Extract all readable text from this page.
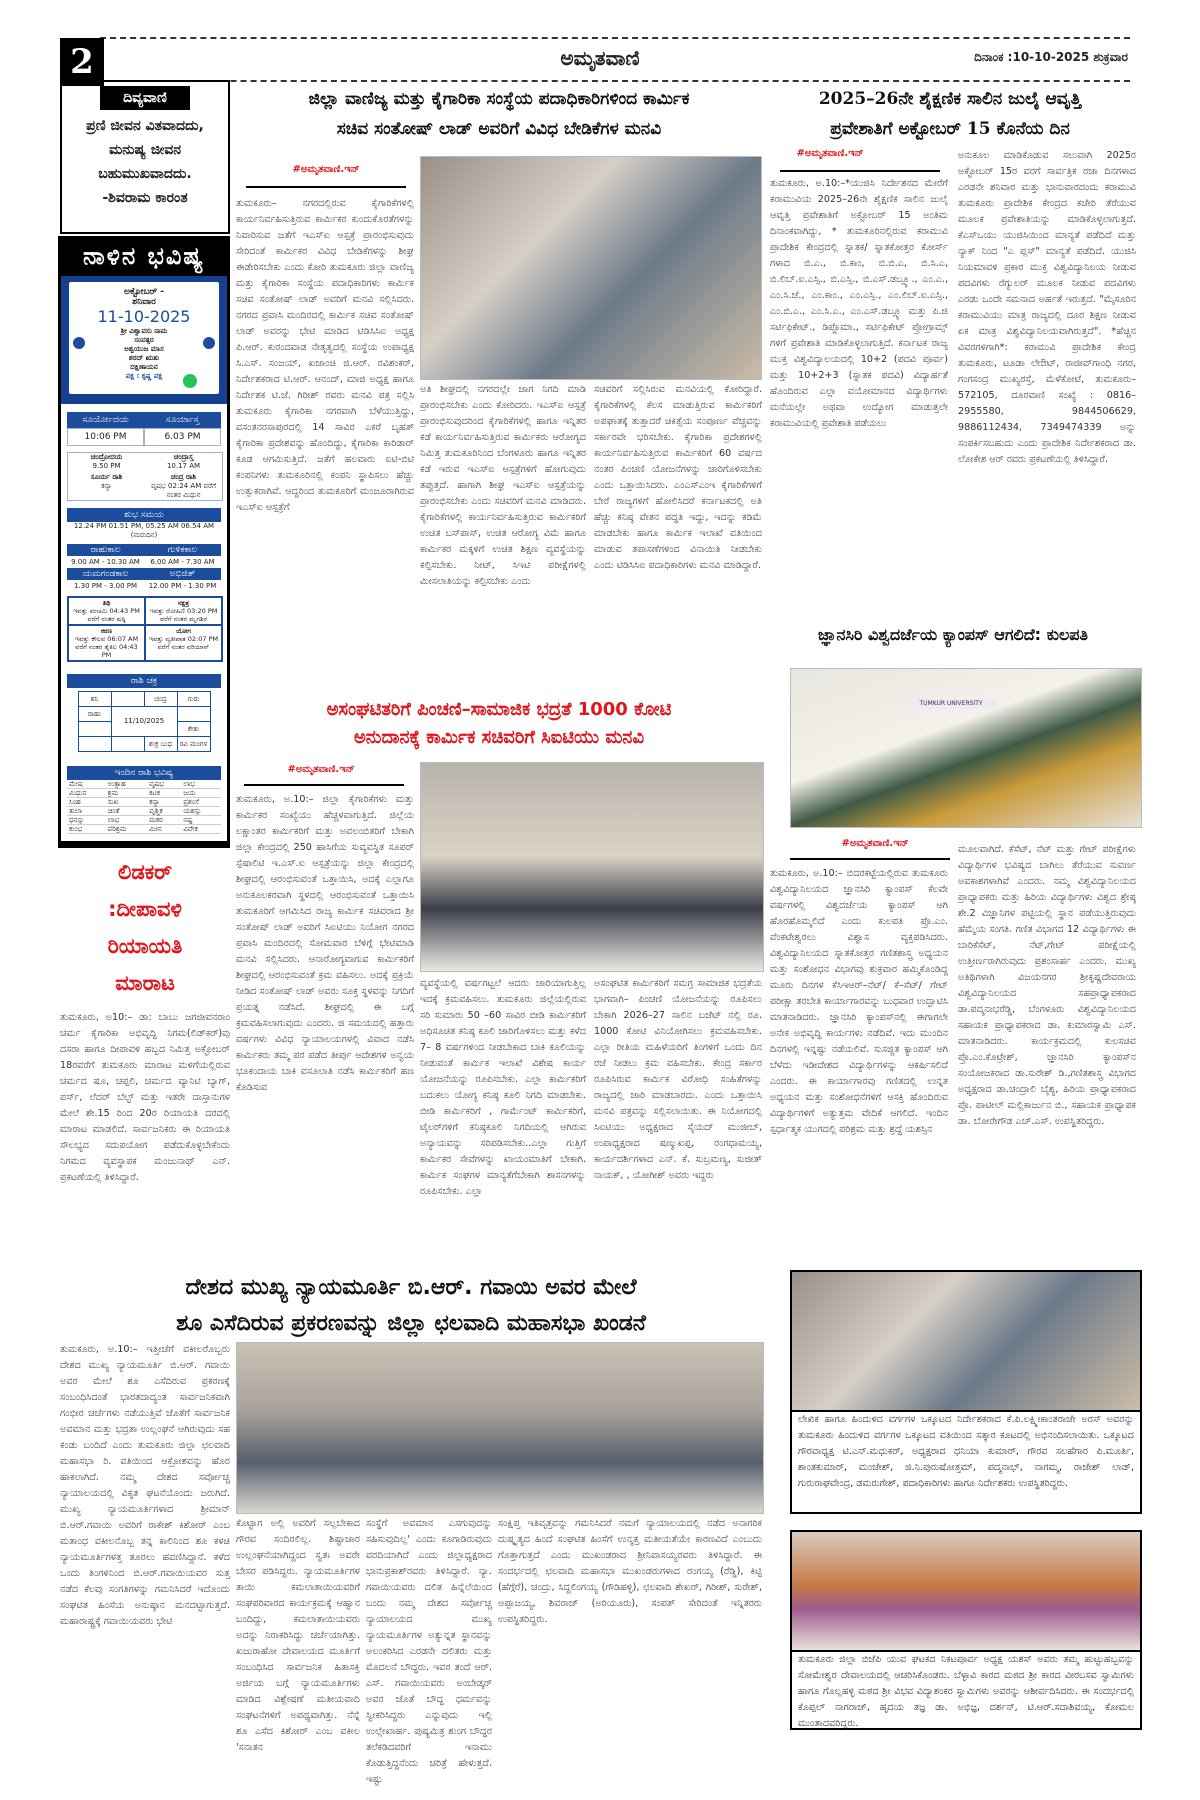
2	ಅಮೃತವಾಣಿ	ದಿನಾಂಕ :10-10-2025 ಶುಕ್ರವಾರ
ದಿವ್ಯವಾಣಿ
ಪ್ರಣಿ ಜೀವನ ವಿತವಾದದು,
ಮನುಷ್ಯ ಜೀವನ
ಬಹುಮುಖವಾದದು.
-ಶಿವರಾಮ ಕಾರಂತ
ನಾಳಿನ ಭವಿಷ್ಯ
ಅಕ್ಟೋಬರ್ -
ಶನಿವಾರ
11-10-2025
ಶ್ರೀ ವಿಶ್ವಾವಸು ನಾಮ
ಸಂವತ್ಸರ
ಅಶ್ವಯುಜ ಮಾಸ
ಶರದ್ ಋತು
ದಕ್ಷಿಣಾಯನ
ಪಕ್ಷ : ಕೃಷ್ಣ ಪಕ್ಷ
ಸೂರ್ಯೋದಯ	ಸೂರ್ಯಾಸ್ತ
10:06 PM	6.03 PM
ಚಂದ್ರೋದಯ
9.50 PM
ಚಂದ್ರಾಸ್ತ
10.17 AM
ಸೂರ್ಯ ರಾಶಿ
ಕನ್ಯಾ
ಚಂದ್ರ ರಾಶಿ
ವೃಷಭ 02:24 AM ವರೆಗೆ ನಂತರ ಮಿಥುನ
ಶುಭ ಸಮಯ
12.24 PM 01.51 PM, 05.25 AM 06.54 AM
(ಮರುದಿನ)
ರಾಹುಕಾಲ	ಗುಳಿಕಕಾಲ
9.00 AM - 10.30 AM	6.00 AM - 7.30 AM
ಯಮಗಂಡಕಾಲ	ಅಭಿಜಿತ್
1.30 PM - 3.00 PM	12.00 PM - 1.30 PM
ತಿಥಿ
ಇವತ್ತು ಪಂಚಮಿ 04:43 PM ವರೆಗೆ ನಂತರ ಷಷ್ಠಿ
ನಕ್ಷತ್ರ
ಇವತ್ತು ರೋಹಿಣಿ 03:20 PM ವರೆಗೆ ನಂತರ ಮೃಗಶಿರ
ಕರಣ
ಇವತ್ತು ಕೌಲವ 06:07 AM ವರೆಗೆ ನಂತರ ತೈತಿಲ 04:43 PM
ಯೋಗ
ಇವತ್ತು ವ್ಯತೀಪಾತ 02:07 PM ವರೆಗೆ ನಂತರ ವರಿಯಾನ್
ರಾಶಿ ಚಕ್ರ
ಶನಿ		ಚಂದ್ರ	ಗುರು
ರಾಹು	11/10/2025		
			ಕೇತು
		ಶುಕ್ರ ಬುಧ	ರವಿ ಮಂಗಳ
ಇಂದಿನ ರಾಶಿ ಭವಿಷ್ಯ
ಮೇಷ	ಉತ್ಸಾಹ	ವೃಷಭ	ಲಾಭ
ಮಿಥುನ	ಶ್ರಮ	ಕಟಕ	ಜಯ
ಸಿಂಹ	ಸುಖ	ಕನ್ಯಾ	ಪ್ರಶಂಸೆ
ತುಲಾ	ಚಿಂತೆ	ವೃಶ್ಚಿಕ	ಯಶಸ್ಸು
ಧನಸ್ಸು	ಲಾಭ	ಮಕರ	ನಷ್ಟ
ಕುಂಭ	ಪರಿಶ್ರಮ	ಮೀನ	ವಿವೇಕ
ಲಿಡಕರ್
:ದೀಪಾವಳಿ
ರಿಯಾಯತಿ
ಮಾರಾಟ
ತುಮಕೂರು, ಅ10:– ಡಾ: ಬಾಬು ಜಗಜೀವನರಾಂ ಚರ್ಮ ಕೈಗಾರಿಕಾ ಅಭಿವೃದ್ಧಿ ನಿಗಮ(ಲಿಡ್‌ಕರ್)ವು ದಸರಾ ಹಾಗೂ ದೀಪಾವಳಿ ಹಬ್ಬದ ನಿಮಿತ್ತ ಅಕ್ಟೋಬರ್ 18ರವರೆಗೆ ತುಮಕೂರು ಮಾರಾಟ ಮಳಿಗೆಯಲ್ಲಿರುವ ಚರ್ಮದ ಷೂ, ಚಪ್ಪಲಿ, ಚರ್ಮದ ವ್ಯಾನಿಟಿ ಬ್ಯಾಗ್, ಪರ್ಸ್, ಲೆದರ್ ಬೆಲ್ಟ್ ಮತ್ತು ಇತರೇ ದಾಸ್ತಾನುಗಳ ಮೇಲೆ ಶೇ.15 ರಿಂದ 20ರ ರಿಯಾಯತಿ ದರದಲ್ಲಿ ಮಾರಾಟ ಮಾಡಲಿದೆ. ಸಾರ್ವಜನಿಕರು ಈ ರಿಯಾಯತಿ ಸೌಲಭ್ಯದ ಸದುಪಯೋಗ ಪಡೆದುಕೊಳ್ಳಬೇಕೆಂದು ನಿಗಮದ ವ್ಯವಸ್ಥಾಪಕ ಮಂಜುನಾಥ್ ಎನ್. ಪ್ರಕಟಣೆಯಲ್ಲಿ ತಿಳಿಸಿದ್ದಾರೆ.
ಜಿಲ್ಲಾ ವಾಣಿಜ್ಯ ಮತ್ತು ಕೈಗಾರಿಕಾ ಸಂಸ್ಥೆಯ ಪದಾಧಿಕಾರಿಗಳಿಂದ ಕಾರ್ಮಿಕ
ಸಚಿವ ಸಂತೋಷ್ ಲಾಡ್ ಅವರಿಗೆ ವಿವಿಧ ಬೇಡಿಕೆಗಳ ಮನವಿ
#ಅಮೃತವಾಣಿ.ಇನ್
ತುಮಕೂರು– ನಗರದಲ್ಲಿರುವ ಕೈಗಾರಿಕೆಗಳಲ್ಲಿ ಕಾರ್ಯನಿರ್ವಹಿಸುತ್ತಿರುವ ಕಾರ್ಮಿಕರ ಕುಂದುಕೊರತೆಗಳನ್ನು ನಿವಾರಿಸುವ ಜತೆಗೆ ಇಎಸ್‌ಐ ಆಸ್ಪತ್ರೆ ಪ್ರಾರಂಭಿಸುವುದು ಸೇರಿದಂತೆ ಕಾರ್ಮಿಕರ ವಿವಿಧ ಬೇಡಿಕೆಗಳನ್ನು ಶೀಘ್ರ ಈಡೇರಿಸಬೇಕು ಎಂದು ಕೋರಿ ತುಮಕೂರು ಜಿಲ್ಲಾ ವಾಣಿಜ್ಯ ಮತ್ತು ಕೈಗಾರಿಕಾ ಸಂಸ್ಥೆಯ ಪದಾಧಿಕಾರಿಗಳು ಕಾರ್ಮಿಕ ಸಚಿವ ಸಂತೋಷ್ ಲಾಡ್ ಅವರಿಗೆ ಮನವಿ ಸಲ್ಲಿಸಿದರು. ನಗರದ ಪ್ರವಾಸಿ ಮಂದಿರದಲ್ಲಿ ಕಾರ್ಮಿಕ ಸಚಿವ ಸಂತೋಷ್ ಲಾಡ್ ಅವರನ್ನು ಭೇಟಿ ಮಾಡಿದ ಟಿಡಿಸಿಸಿಐ ಅಧ್ಯಕ್ಷ ಪಿ.ಆರ್. ಕುರಂದವಾಡ ನೇತೃತ್ವದಲ್ಲಿ ಸಂಸ್ಥೆಯ ಉಪಾಧ್ಯಕ್ಷ ಸಿ.ಎಸ್. ಸಂಜಯ್, ಖಜಾಂಚಿ ಜಿ.ಆರ್. ರವಿಶಂಕರ್, ನಿರ್ದೇಶಕರಾದ ಟಿ.ಆರ್. ಆನಂದ್, ಮಾಜಿ ಅಧ್ಯಕ್ಷ ಹಾಗೂ ನಿರ್ದೇಶಕ ಟಿ.ಜೆ. ಗಿರೀಶ್ ರವರು ಮನವಿ ಪತ್ರ ಸಲ್ಲಿಸಿ ತುಮಕೂರು ಕೈಗಾರಿಕಾ ನಗರವಾಗಿ ಬೆಳೆಯುತ್ತಿದ್ದು, ವಸಂತನರಸಾಪುರದಲ್ಲಿ 14 ಸಾವಿರ ಎಕರೆ ಬೃಹತ್ ಕೈಗಾರಿಕಾ ಪ್ರದೇಶವನ್ನು ಹೊಂದಿದ್ದು, ಕೈಗಾರಿಕಾ ಕಾರಿಡಾರ್ ಕೂಡ ಆಗಮಿಸುತ್ತಿದೆ. ಜತೆಗೆ ಹಲವಾರು ಐಟಿ-ಬಿಟಿ ಕಂಪನಿಗಳು ತುಮಕೂರಿನಲ್ಲಿ ಕಂಪನಿ ಸ್ಥಾಪಿಸಲು ಹೆಚ್ಚು ಉತ್ಸುಕರಾಗಿವೆ. ಆದ್ದರಿಂದ ತುಮಕೂರಿಗೆ ಮಂಜೂರಾಗಿರುವ ಇಎಸ್‌ಐ ಆಸ್ಪತ್ರೆಗೆ
ಅತಿ ಶೀಘ್ರದಲ್ಲಿ ನಗರದಲ್ಲೇ ಜಾಗ ನಿಗದಿ ಮಾಡಿ ಪ್ರಾರಂಭಿಸಬೇಕು ಎಂದು ಕೋರಿದರು. ಇಎಸ್‌ಐ ಆಸ್ಪತ್ರೆ ಪ್ರಾರಂಭಿಸುವುದರಿಂದ ಕೈಗಾರಿಕೆಗಳಲ್ಲಿ ಹಾಗೂ ಇನ್ನಿತರ ಕಡೆ ಕಾರ್ಯನಿರ್ವಹಿಸುತ್ತಿರುವ ಕಾರ್ಮಿಕರು ಆರೋಗ್ಯದ ನಿಮಿತ್ತ ತುಮಕೂರಿನಿಂದ ಬೆಂಗಳೂರು ಹಾಗೂ ಇನ್ನಿತರ ಕಡೆ ಇರುವ ಇಎಸ್‌ಐ ಆಸ್ಪತ್ರೆಗಳಿಗೆ ಹೋಗುವುದು ತಪ್ಪುತ್ತದೆ. ಹಾಗಾಗಿ ಶೀಘ್ರ ಇಎಸ್‌ಐ ಆಸ್ಪತ್ರೆಯನ್ನು ಪ್ರಾರಂಭಿಸಬೇಕು ಎಂದು ಸಚಿವರಿಗೆ ಮನವಿ ಮಾಡಿದರು. ಕೈಗಾರಿಕೆಗಳಲ್ಲಿ ಕಾರ್ಯನಿರ್ವಹಿಸುತ್ತಿರುವ ಕಾರ್ಮಿಕರಿಗೆ ಉಚಿತ ಬಸ್‌ಪಾಸ್, ಉಚಿತ ಆರೋಗ್ಯ ವಿಮೆ ಹಾಗೂ ಕಾರ್ಮಿಕರ ಮಕ್ಕಳಿಗೆ ಉಚಿತ ಶಿಕ್ಷಣ ವ್ಯವಸ್ಥೆಯನ್ನು ಕಲ್ಪಿಸಬೇಕು. ನೀಟ್, ಸಿಇಟಿ ಪರೀಕ್ಷೆಗಳಲ್ಲಿ ಮೀಸಲಾತಿಯನ್ನು ಕಲ್ಪಿಸಬೇಕು ಎಂದು
ಸಚಿವರಿಗೆ ಸಲ್ಲಿಸಿರುವ ಮನವಿಯಲ್ಲಿ ಕೋರಿದ್ದಾರೆ. ಕೈಗಾರಿಕೆಗಳಲ್ಲಿ ಕೆಲಸ ಮಾಡುತ್ತಿರುವ ಕಾರ್ಮಿಕರಿಗೆ ಅಪಘಾತಕ್ಕೆ ತುತ್ತಾದರೆ ಚಿಕಿತ್ಸೆಯ ಸಂಪೂರ್ಣ ವೆಚ್ಚವನ್ನು ಸರ್ಕಾರವೇ ಭರಿಸಬೇಕು. ಕೈಗಾರಿಕಾ ಪ್ರದೇಶಗಳಲ್ಲಿ ಕಾರ್ಯನಿರ್ವಹಿಸುತ್ತಿರುವ ಕಾರ್ಮಿಕರಿಗೆ 60 ವರ್ಷದ ನಂತರ ಪಿಂಚಣಿ ಯೋಜನೆಗಳನ್ನು ಜಾರಿಗೊಳಿಸಬೇಕು ಎಂದು ಒತ್ತಾಯಿಸಿದರು. ಎಂಎಸ್‌ಎಂಇ ಕೈಗಾರಿಕೆಗಳಿಗೆ ಬೇರೆ ರಾಜ್ಯಗಳಿಗೆ ಹೋಲಿಸಿದರೆ ಕರ್ನಾಟಕದಲ್ಲಿ ಅತಿ ಹೆಚ್ಚು ಕನಿಷ್ಠ ವೇತನ ಪದ್ಧತಿ ಇದ್ದು, ಇದನ್ನು ಕಡಿಮೆ ಮಾಡಬೇಕು ಹಾಗೂ ಕಾರ್ಮಿಕ ಇಲಾಖೆ ವತಿಯಿಂದ ಮಾಡುವ ತಪಾಸಣೆಗಳಿಂದ ವಿನಾಯಿತಿ ನೀಡಬೇಕು ಎಂದು ಟಿಡಿಸಿಸಿಐ ಪದಾಧಿಕಾರಿಗಳು ಮನವಿ ಮಾಡಿದ್ದಾರೆ.
ಅಸಂಘಟಿತರಿಗೆ ಪಿಂಚಣಿ–ಸಾಮಾಜಿಕ ಭದ್ರತೆ 1000 ಕೋಟಿ
ಅನುದಾನಕ್ಕೆ ಕಾರ್ಮಿಕ ಸಚಿವರಿಗೆ ಸಿಐಟಿಯು ಮನವಿ
#ಅಮೃತವಾಣಿ.ಇನ್
ತುಮಕೂರು, ಅ.10:– ಜಿಲ್ಲಾ ಕೈಗಾರಿಕೆಗಳು ಮತ್ತು ಕಾರ್ಮಿಕರ ಸಂಖ್ಯೆಯು ಹೆಚ್ಚಳವಾಗುತ್ತಿದೆ. ಜಿಲ್ಲೆಯ ಲಕ್ಷಾಂತರ ಕಾರ್ಮಿಕರಿಗೆ ಮತ್ತು ಅವಲಂಬಿತರಿಗೆ ಬೇಕಾಗಿ ಜಿಲ್ಲಾ ಕೇಂದ್ರದಲ್ಲಿ 250 ಹಾಸಿಗೆಯ ಸುವ್ಯವಸ್ಥಿತ ಸೂಪರ್ ಸ್ಪೆಷಾಲಿಟಿ ಇ.ಎಸ್.ಐ ಆಸ್ಪತ್ರೆಯನ್ನು ಜಿಲ್ಲಾ ಕೇಂದ್ರದಲ್ಲಿ ಶೀಘ್ರದಲ್ಲಿ ಆರಂಭಿಸುವಂತೆ ಒತ್ತಾಯಿಸಿ, ಅದಕ್ಕೆ ಎಲ್ಲಾಗೂ ಅನುಕೂಲಕರವಾಗಿ ಸ್ಥಳದಲ್ಲಿ ಆರಂಭಿಸುವಂತೆ ಒತ್ತಾಯಿಸಿ ತುಮಕೂರಿಗೆ ಆಗಮಿಸಿದ ರಾಜ್ಯ ಕಾರ್ಮಿಕ ಸಚಿವರಾದ ಶ್ರೀ ಸಂತೋಷ್ ಲಾಡ್ ಅವರಿಗೆ ಸಿಐಟಿಯು ನಿಯೋಗ ನಗರದ ಪ್ರವಾಸಿ ಮಂದಿರದಲ್ಲಿ ಸೋಮವಾರ ಬೆಳಿಗ್ಗೆ ಭೇಟಿಮಾಡಿ ಮನವಿ ಸಲ್ಲಿಸಿದರು. ಆನಾರೋಗ್ಯವಾಗುವ ಕಾರ್ಮಿಕರಿಗೆ ಶೀಘ್ರದಲ್ಲಿ ಆರಂಭಿಸುವಂತೆ ಕ್ರಮ ವಹಿಸಲು. ಅದಕ್ಕೆ ಪ್ರಕ್ರಿಯೆ ನೀಡಿದ ಸಂತೋಷ್ ಲಾಡ್ ಅವರು ಸೂಕ್ತ ಸ್ಥಳವನ್ನು ನಿಗದಿಗೆ ಪ್ರಯತ್ನ ನಡೆಸಿದೆ. ಶೀಘ್ರದಲ್ಲಿ ಈ ಬಗ್ಗೆ ಕ್ರಮವಹಿಸಲಾಗುವುದು ಎಂದರು. ಜಿ ಸಮಯದಲ್ಲಿ ಹತ್ತಾರು ವರ್ಷಗಳು ವಿವಿಧ ನ್ಯಾಯಾಲಯಗಳಲ್ಲಿ ವಿವಾದ ನಡೆಸಿ ಕಾರ್ಮಿಕರು ತಮ್ಮ ಪರ ಪಡೆದ ತೀರ್ಪು ಆದೇಶಗಳ ಅನ್ವಯ ಭೂಕಂದಾಯ ಬಾಕಿ ವಸೂಲಾತಿ ನಡೆಸಿ ಕಾರ್ಮಿಕರಿಗೆ ಹಣ ಕೊಡಿಸುವ
ವ್ಯವಸ್ಥೆಯಲ್ಲಿ ವರ್ಷಗಟ್ಟಲೆ ಆದರು ಜಾರಿಯಾಗುತ್ತಿಲ್ಲ ಇದಕ್ಕೆ ಕ್ರಮವಹಿಸಲು. ತುಮಕೂರು ಜಿಲ್ಲೆಯಲ್ಲಿರುವ ಸರಿ ಸುಮಾರು 50 –60 ಸಾವಿರ ಬೀಡಿ ಕಾರ್ಮಿಕರಿಗೆ ಅಧಿಸೂಚಿತ ಕನಿಷ್ಠ ಕೂಲಿ ಜಾರಿಗೊಳಿಸಲು ಮತ್ತು ಕಳೆದ 7– 8 ವರ್ಷಗಳಿಂದ ನೀಡಬೇಕಾದ ಬಾಕಿ ಕೂಲಿಯನ್ನು ನೀಡುವಂತೆ ಕಾರ್ಮಿಕ ಇಲಾಖೆ ವಿಶೇಷ ಕಾರ್ಯ ಯೋಜನೆಯನ್ನು ರೂಪಿಸಬೇಕು. ಎಲ್ಲಾ ಕಾರ್ಮಿಕರಿಗೆ ಬದುಕಲು ಯೋಗ್ಯ ಕನಿಷ್ಠ ಕೂಲಿ ನಿಗದಿ ಮಾಡಬೇಕು. ಬೀಡಿ ಕಾರ್ಮಿಕರಿಗೆ , ಗಾರ್ಮೆಂಟ್ ಕಾರ್ಮಿಕರಿಗೆ, ಟೈಲರ್‌ಗಳಿಗೆ ಕನಿಷ್ಠಕೂಲಿ ನಿಗದಿಯಲ್ಲಿ ಆಗಿರುವ ಅನ್ಯಾಯವನ್ನು ಸರಿಪಡಿಸಬೇಕು..ಎಲ್ಲಾ ಗುತ್ತಿಗೆ ಕಾರ್ಮಿಕರ ಸೇವೆಗಳನ್ನು ಖಾಯಂಮಾತಿಗೆ ಬೇಕಾಗಿ. ಕಾರ್ಮಿಕ ಸಂಘಗಳ ಮಾನ್ಯತೆಗೆಬೇಕಾಗಿ ಶಾಸನಗಳನ್ನು ರೂಪಿಸಬೇಕು. ಎಲ್ಲಾ
ಅಸಂಘಟಿತ ಕಾರ್ಮಿಕರಿಗೆ ಸಮಗ್ರ ಸಾಮಾಜಿಕ ಭದ್ರತೆಯ ಭಾಗವಾಗಿ– ಪಿಂಚಣಿ ಯೋಜನೆಯನ್ನು ರೂಪಿಸಲು ಬೇಕಾಗಿ 2026–27 ಸಾಲಿನ ಬಜೆಟ್ ನಲ್ಲಿ ರೂ. 1000 ಕೋಟಿ ವಿನಿಯೋಗಿಸಲು ಕ್ರಮವಹಿಸಬೇಕು. ಎಲ್ಲಾ ರೀತಿಯ ಮಹಿಳೆಯರಿಗೆ ತಿಂಗಳಿಗೆ ಒಂದು ದಿನ ರಜೆ ನೀಡಲು ಕ್ರಮ ವಹಿಸಬೇಕು. ಕೇಂದ್ರ ಸರ್ಕಾರ ರೂಪಿಸಿರುವ ಕಾರ್ಮಿಕ ವಿರೋಧಿ ಸಂಹಿತೆಗಳನ್ನು ರಾಜ್ಯದಲ್ಲಿ ಜಾರಿ ಮಾಡಬಾರದು. ಎಂದು ಒತ್ತಾಯಿಸಿ ಮನವಿ ಪತ್ರವನ್ನು ಸಲ್ಲಿಸಲಾಯಿತು. ಈ ನಿಯೋಗದಲ್ಲಿ ಸಿಐಟಿಯು ಅಧ್ಯಕ್ಷರಾದ ಸೈಯದ್ ಮುಜೀಬ್, ಉಪಾಧ್ಯಕ್ಷರಾದ ಷಣ್ಮುಖಪ್ಪ, ರಂಗಧಾಮಯ್ಯ, ಕಾರ್ಯದರ್ಶಿಗಳಾದ ಎನ್. ಕೆ. ಸುಬ್ರಮಣ್ಯ, ಸುಜೀತ್ ನಾಯಕ್, , ಯೋಗೀಶ್ ಅವರು ಇದ್ದರು
2025–26ನೇ ಶೈಕ್ಷಣಿಕ ಸಾಲಿನ ಜುಲೈ ಆವೃತ್ತಿ
ಪ್ರವೇಶಾತಿಗೆ ಅಕ್ಟೋಬರ್ 15 ಕೊನೆಯ ದಿನ
#ಅಮೃತವಾಣಿ.ಇನ್
ತುಮಕೂರು, ಅ.10:–*ಯುಜಿಸಿ ನಿರ್ದೇಶನದ ಮೇರೆಗೆ ಕರಾಮುವಿಯ 2025–26ನೇ ಶೈಕ್ಷಣಿಕ ಸಾಲಿನ ಜುಲೈ ಆವೃತ್ತಿ ಪ್ರವೇಶಾತಿಗೆ ಅಕ್ಟೋಬರ್ 15 ಅಂತಿಮ ದಿನಾಂಕವಾಗಿದ್ದು, * ತುಮಕೂರಿನಲ್ಲಿರುವ ಕರಾಮುವಿ ಪ್ರಾದೇಶಿಕ ಕೇಂದ್ರದಲ್ಲಿ ಸ್ನಾತಕ/ ಸ್ನಾತಕೋತ್ತರ ಕೋರ್ಸ್ ಗಳಾದ ಬಿ.ಎ., ಬಿ.ಕಾಂ, ಬಿ.ಬಿ.ಎ, ಬಿ.ಸಿ.ಎ, ಬಿ.ಲಿಬ್.ಐ.ಎಸ್ಸಿ., ಬಿ.ಎಸ್ಸಿ., ಬಿ.ಎಸ್.ಡಬ್ಲ್ಯೂ., ಎಂ.ಎ., ಎಂ.ಸಿ.ಜೆ., ಎಂ.ಕಾಂ., ಎಂ.ಎಸ್ಸಿ., ಎಂ.ಲಿಬ್.ಐ.ಎಸ್ಸಿ., ಎಂ.ಬಿ.ಎ., ಎಂ.ಸಿ.ಎ., ಎಂ.ಎಸ್.ಡಬ್ಲ್ಯೂ ಮತ್ತು ಪಿ.ಜಿ ಸರ್ಟಿಫಿಕೇಟ್., ಡಿಪ್ಲೊಮಾ., ಸರ್ಟಿಫಿಕೇಟ್ ಪ್ರೋಗ್ರಾಮ್ಸ್ ಗಳಿಗೆ ಪ್ರವೇಶಾತಿ ಮಾಡಿಕೊಳ್ಳಲಾಗುತ್ತಿದೆ. ಕರ್ನಾಟಕ ರಾಜ್ಯ ಮುಕ್ತ ವಿಶ್ವವಿದ್ಯಾಲಯದಲ್ಲಿ 10+2 (ಪದವಿ ಪೂರ್ವ) ಮತ್ತು 10+2+3 (ಸ್ನಾತಕ ಪದವಿ) ವಿದ್ಯಾರ್ಹತೆ ಹೊಂದಿರುವ ಎಲ್ಲಾ ವಯೋಮಾನದ ವಿದ್ಯಾರ್ಥಿಗಳು ಮನೆಯಲ್ಲೇ ಅಥವಾ ಉದ್ಯೋಗ ಮಾಡುತ್ತಲೇ ಕರಾಮುವಿಯಲ್ಲಿ ಪ್ರವೇಶಾತಿ ಪಡೆಯಲು
ಅನುಕೂಲ ಮಾಡಿಕೊಡುವ ಸಲುವಾಗಿ 2025ರ ಅಕ್ಟೋಬರ್ 15ರ ವರಗೆ ಸಾರ್ವತ್ರಿಕ ರಜಾ ದಿನಗಳಾದ ಎರಡನೇ ಶನಿವಾರ ಮತ್ತು ಭಾನುವಾರದಂದು ಕರಾಮುವಿ ತುಮಕೂರು ಪ್ರಾದೇಶಿಕ ಕೇಂದ್ರದ ಕಚೇರಿ ತೆರೆಯುವ ಮೂಲಕ ಪ್ರವೇಶಾತಿಯನ್ನು ಮಾಡಿಕೊಳ್ಳಲಾಗುತ್ತದೆ. ಕೆಎಸ್‌ಒಯು ಯುಜಿಸಿಯಿಂದ ಮಾನ್ಯತೆ ಪಡೆದಿದೆ ಮತ್ತು ನ್ಯಾಕ್ ನಿಂದ "ಎ ಪ್ಲಸ್" ಮಾನ್ಯತೆ ಪಡೆದಿದೆ. ಯುಜಿಸಿ ನಿಯಮಾವಳಿ ಪ್ರಕಾರ ಮುಕ್ತ ವಿಶ್ವವಿದ್ಯಾನಿಲಯ ನೀಡುವ ಪದವಿಗಳು ರೆಗ್ಯುಲರ್ ಮೂಲಕ ನೀಡುವ ಪದವಿಗಳು ಎರಡು ಒಂದೇ ಸಮನಾದ ಅರ್ಹತೆ ಇರುತ್ತದೆ. "ಮೈಸೂರಿನ ಕರಾಮುವಿಯು ಮಾತ್ರ ರಾಜ್ಯದಲ್ಲಿ ದೂರ ಶಿಕ್ಷಣ ನೀಡುವ ಏಕ ಮಾತ್ರ ವಿಶ್ವವಿದ್ಯಾನಿಲಯವಾಗಿರುತ್ತದೆ". *ಹೆಚ್ಚಿನ ವಿವರಗಳಿಗಾಗಿ*: ಕರಾಮುವಿ ಪ್ರಾದೇಶಿಕ ಕೇಂದ್ರ ತುಮಕೂರು, ಟೂಡಾ ಲೇಔಟ್, ರಾಜೀವ್‌ಗಾಂಧಿ ನಗರ, ಗಂಗಸಂದ್ರ ಮುಖ್ಯರಸ್ತೆ, ಮೆಳೆಕೋಟೆ, ತುಮಕೂರು–572105, ದೂರವಾಣಿ ಸಂಖ್ಯೆ : 0816–2955580, 9844506629, 9886112434, 7349474339 ಅನ್ನು ಸಂಪರ್ಕಿಸಬಹುದು ಎಂದು ಪ್ರಾದೇಶಿಕ ನಿರ್ದೇಶಕರಾದ ಡಾ. ಲೋಕೇಶ ಆರ್ ರವರು ಪ್ರಕಟಣೆಯಲ್ಲಿ ತಿಳಿಸಿದ್ದಾರೆ.
ಜ್ಞಾನಸಿರಿ ವಿಶ್ವದರ್ಜೆಯ ಕ್ಯಾಂಪಸ್ ಆಗಲಿದೆ: ಕುಲಪತಿ
TUMKUR UNIVERSITY
#ಅಮೃತವಾಣಿ.ಇನ್
ತುಮಕೂರು, ಅ.10:– ಬಿದರಕಟ್ಟೆಯಲ್ಲಿರುವ ತುಮಕೂರು ವಿಶ್ವವಿದ್ಯಾನಿಲಯದ ಜ್ಞಾನಸಿರಿ ಕ್ಯಾಂಪಸ್ ಕೆಲವೇ ವರ್ಷಗಳಲ್ಲಿ ವಿಶ್ವದರ್ಜೆಯ ಕ್ಯಾಂಪಸ್ ಆಗಿ ಹೊರಹೊಮ್ಮಲಿದೆ ಎಂದು ಕುಲಪತಿ ಪ್ರೊ.ಎಂ. ವೆಂಕಟೇಶ್ವರಲು ವಿಶ್ವಾಸ ವ್ಯಕ್ತಪಡಿಸಿದರು. ವಿಶ್ವವಿದ್ಯಾನಿಲಯದ ಸ್ನಾತಕೋತ್ತರ ಗಣಿತಶಾಸ್ತ್ರ ಅಧ್ಯಯನ ಮತ್ತು ಸಂಶೋಧನ ವಿಭಾಗವು ಶುಕ್ರವಾರ ಹಮ್ಮಿಕೊಂಡಿದ್ದ ಮೂರು ದಿನಗಳ ಕೆಸಿಇಆರ್–ನೆಟ್/ ಕೆ–ಸೆಟ್/ ಗೇಟ್ ಪರೀಕ್ಷಾ ತರಬೇತಿ ಕಾರ್ಯಾಗಾರವನ್ನು ಬುಧವಾರ ಉದ್ಘಾಟಿಸಿ ಮಾತನಾಡಿದರು. ಜ್ಞಾನಸಿರಿ ಕ್ಯಾಂಪಸ್‌ನಲ್ಲಿ ಈಗಾಗಲೇ ಅನೇಕ ಅಭಿವೃದ್ಧಿ ಕಾರ್ಯಗಳು ನಡೆದಿವೆ. ಇದು ಮುಂದಿನ ದಿನಗಳಲ್ಲಿ ಇನ್ನಷ್ಟು ನಡೆಯಲಿವೆ. ಸುಸಜ್ಜಿತ ಕ್ಯಾಂಪಸ್ ಆಗಿ ಬೆಳೆದು ಇಡೀದೇಶದ ವಿದ್ಯಾರ್ಥಿಗಳನ್ನು ಆಕರ್ಷಿಸಲಿದೆ ಎಂದರು. ಈ ಕಾರ್ಯಾಗಾರವು ಗಣಿತದಲ್ಲಿ ಉನ್ನತ ಅಧ್ಯಯನ ಮತ್ತು ಸಂಶೋಧನೆಗಳಿಗೆ ಆಸಕ್ತಿ ಹೊಂದಿರುವ ವಿದ್ಯಾರ್ಥಿಗಳಿಗೆ ಅತ್ಯುತ್ತಮ ವೇದಿಕೆ ಆಗಲಿದೆ. ಇಂದಿನ ಸ್ಪರ್ಧಾತ್ಮಕ ಯುಗದಲ್ಲಿ ಪರಿಶ್ರಮ ಮತ್ತು ಶ್ರದ್ಧೆ ಯಶಸ್ಸಿನ
ಮೂಲವಾಗಿದೆ. ಕೆಸೆಟ್, ನೆಟ್ ಮತ್ತು ಗೇಟ್ ಪರೀಕ್ಷೆಗಳು ವಿದ್ಯಾರ್ಥಿಗಳ ಭವಿಷ್ಯದ ಬಾಗಿಲು ತೆರೆಯುವ ಸುವರ್ಣ ಅವಕಾಶಗಳಾಗಿವೆ ಎಂದರು. ನಮ್ಮ ವಿಶ್ವವಿದ್ಯಾನಿಲಯದ ಪ್ರಾಧ್ಯಾಪಕರು ಮತ್ತು ಹಿರಿಯ ವಿದ್ಯಾರ್ಥಿಗಳು ವಿಶ್ವದ ಶ್ರೇಷ್ಠ ಶೇ.2 ವಿಜ್ಞಾನಿಗಳ ಪಟ್ಟಿಯಲ್ಲಿ ಸ್ಥಾನ ಪಡೆಯುತ್ತಿರುವುದು ಹೆಮ್ಮೆಯ ಸಂಗತಿ. ಗಣಿತ ವಿಭಾಗದ 12 ವಿದ್ಯಾರ್ಥಿಗಳು ಈ ಬಾರಿಕೆಸೆಟ್, ನೆಟ್,ಗೇಟ್ ಪರೀಕ್ಷೆಯಲ್ಲಿ ಉತ್ತೀರ್ಣರಾಗಿರುವುದು ಪ್ರಶಂಸಾರ್ಹ ಎಂದರು. ಮುಖ್ಯ ಅತಿಥಿಗಳಾಗಿ ವಿಜಯನಗರ ಶ್ರೀಕೃಷ್ಣದೇವರಾಯ ವಿಶ್ವವಿದ್ಯಾನಿಲಯದ ಸಹಪ್ರಾಧ್ಯಾಪಕರಾದ ಡಾ.ಪದ್ಮನಾಭರೆಡ್ಡಿ, ಬೆಂಗಳೂರು ವಿಶ್ವವಿದ್ಯಾನಿಲಯದ ಸಹಾಯಕ ಪ್ರಾಧ್ಯಾಪಕರಾದ ಡಾ. ಕುಮಾರಸ್ವಾಮಿ ಎಸ್. ಮಾತನಾಡಿದರು. ಕಾರ್ಯಕ್ರಮದಲ್ಲಿ ಕುಲಸಚಿವ ಪ್ರೊ.ಎಂ.ಕೊಟ್ರೇಶ್, ಜ್ಞಾನಸಿರಿ ಕ್ಯಾಂಪಸ್‌ನ ಸಂಯೋಜಕರಾದ ಡಾ.ಸುರೇಶ್ ಡಿ.,ಗಣಿತಶಾಸ್ತ್ರ ವಿಭಾಗದ ಅಧ್ಯಕ್ಷರಾದ ಡಾ.ಚಂದ್ರಾಲಿ ಬೈಶ್ಯ, ಹಿರಿಯ ಪ್ರಾಧ್ಯಾಪಕರಾದ ಪ್ರೊ. ಪಾಟೀಲ್ ಮಲ್ಲಿಕಾರ್ಜುನ ಬಿ., ಸಹಾಯಕ ಪ್ರಾಧ್ಯಾಪಕ ಡಾ. ಬೋರೇಗೌಡ ಎಚ್.ಎಸ್. ಉಪಸ್ಥಿತರಿದ್ದರು.
ದೇಶದ ಮುಖ್ಯ ನ್ಯಾಯಮೂರ್ತಿ ಬಿ.ಆರ್. ಗವಾಯಿ ಅವರ ಮೇಲೆ
ಶೂ ಎಸೆದಿರುವ ಪ್ರಕರಣವನ್ನು ಜಿಲ್ಲಾ ಛಲವಾದಿ ಮಹಾಸಭಾ ಖಂಡನೆ
ತುಮಕೂರು, ಅ.10:– ಇತ್ತೀಚೆಗೆ ವಕೀಲರೊಬ್ಬರು ದೇಶದ ಮುಖ್ಯ ನ್ಯಾಯಮೂರ್ತಿ ಬಿ.ಆರ್. ಗವಾಯಿ ಅವರ ಮೇಲೆ ಶೂ ಎಸೆದಿರುವ ಪ್ರಕರಣಕ್ಕೆ ಸಂಬಂಧಿಸಿದಂತೆ ಭಾರತದಾದ್ಯಂತ ಸಾರ್ವಜನಿಕವಾಗಿ ಗಂಭೀರ ಚರ್ಚೆಗಳು ನಡೆಯುತ್ತಿವೆ ಜೊತೆಗೆ ಸಾರ್ವಜನಿಕ ಅವಮಾನ ಮತ್ತು ಭದ್ರತಾ ಉಲ್ಲಂಘನೆ ಆಗಿರುವುದು ಸಹ ಕಂಡು ಬಂದಿದೆ ಎಂದು ತುಮಕೂರು ಜಿಲ್ಲಾ ಛಲವಾದಿ ಮಹಾಸಭಾ ರಿ. ವತಿಯಿಂದ ಆಕ್ರೋಶವನ್ನು ಹೊರ ಹಾಕಲಾಗಿದೆ. ನಮ್ಮ ದೇಶದ ಸರ್ವೋಚ್ಚ ನ್ಯಾಯಾಲಯದಲ್ಲಿ ವಿಕೃತ ಘಟನೆಯೊಂದು ಜರುಗಿದೆ. ಮುಖ್ಯ ನ್ಯಾಯಮೂರ್ತಿಗಳಾದ ಶ್ರೀಮಾನ್ ಬಿ.ಆರ್.ಗವಾಯಿ ಅವರಿಗೆ ರಾಕೇಶ್ ಕಿಶೋರ್ ಎಂಬ ಮತಾಂಧ ವಕೀಲನೊಬ್ಬ ತನ್ನ ಕಾಲಿನಿಂದ ಶೂ ಕಳಚಿ ನ್ಯಾಯಮೂರ್ತಿಗಳತ್ತ ತೂರಲು ಹವಣಿಸಿದ್ದಾನೆ. ಕಳೆದ ಒಂದು ತಿಂಗಳಿನಿಂದ ಬಿ.ಆರ್.ಗವಾಯಿಯವರ ಸುತ್ತ ನಡೆದ ಕೆಲವು ಸಂಗತಿಗಳನ್ನು ಗಮನಿಸಿದರೆ ಇದೊಂದು ಸಂಘಟಿತ ಹಿಂಸೆಯ ಅನುಷ್ಠಾನ ಮನದಟ್ಟಾಗುತ್ತದೆ. ಮಹಾರಾಷ್ಟ್ರಕ್ಕೆ ಗವಾಯಿಯವರು ಭೇಟಿ
ಕೊಟ್ಟಾಗ ಅಲ್ಲಿ ಅವರಿಗೆ ಸಲ್ಲಬೇಕಾದ ಗೌರವ ಸಂದಿರಲಿಲ್ಲ. ಶಿಷ್ಟಾಚಾರ ಉಲ್ಲಂಘನೆಯಾಗಿದ್ದಂದ ಸ್ವತಃ ಅವರೇ ಬೇಸರ ಪಡಿಸಿದ್ದರು. ನ್ಯಾಯಮೂರ್ತಿಗಳ ತಾಯಿ ಕಮಲಾತಾಯಿಯವರಿಗೆ ಸಂಘಪರಿವಾರದ ಕಾರ್ಯಕ್ರಮಕ್ಕೆ ಆಹ್ವಾನ ಬಂದಿದ್ದು, ಕಮಲಾತಾಯಿಯವರು ಅದನ್ನು ನಿರಾಕರಿಸಿದ್ದು ಚರ್ಚೆಯಾಗಿತ್ತು. ಖಜುರಾಹೋ ದೇವಾಲಯದ ಮೂರ್ತಿಗೆ ಸಂಬಂಧಿಸಿದ ಸಾರ್ವಜನಿಕ ಹಿತಾಸಕ್ತಿ ಅರ್ಜಿಯ ಬಗ್ಗೆ ನ್ಯಾಯಮೂರ್ತಿಗಳು ಮಾಡಿದ ವಿಶ್ಲೇಷಣೆ ಮತೀಯವಾದಿ ಸಂಘಟನೆಗಳಿಗೆ ಅಪಥ್ಯವಾಗಿತ್ತು. ನೆನ್ನೆ ಶೂ ಎಸೆದ ಕಿಶೋರ್ ಎಂಬ ವಕೀಲ 'ಸನಾತನ
ಸಂಸ್ಥೆಗೆ ಅವಮಾನ ಎಸಗುವುದನ್ನು ಸಹಿಸುವುದಿಲ್ಲ' ಎಂದು ಕೂಗಾಡಿರುವುದು ವರದಿಯಾಗಿದೆ ಎಂದು ಜಿಲ್ಲಾಧ್ಯಕ್ಷರಾದ ಭಾನುಪ್ರಕಾಶ್‌ರವರು ತಿಳಿಸಿದ್ದಾರೆ. ನ್ಯಾ. ಗವಾಯಿಯವರು ದಲಿತ ಹಿನ್ನೆಲೆಯಿಂದ ಬಂದು ನಮ್ಮ ದೇಶದ ಸರ್ವೋಚ್ಚ ನ್ಯಾಯಾಲಯದ ಮುಖ್ಯ ನ್ಯಾಯಮೂರ್ತಿಗಳ ಅತ್ಯುನ್ನತ ಸ್ಥಾನವನ್ನು ಅಲಂಕರಿಸಿದ ಎರಡನೇ ದಲಿತರು ಮತ್ತು ಮೊದಲನೆ ಬೌದ್ಧರು. ಇವರ ತಂದೆ ಆರ್. ಎಸ್. ಗವಾಯಿಯವರು ಅಂಬೇಡ್ಕರ್ ಅವರ ಜೊತೆ ಬೌದ್ಧ ಧರ್ಮವನ್ನು ಸ್ವೀಕರಿಸಿದ್ದರು ಎನ್ನುವುದು ಇಲ್ಲಿ ಉಲ್ಲೇಖಾರ್ಹ. ಪುಷ್ಯಮಿತ್ರ ಶುಂಗ ಬೌದ್ಧರ ತಲೆಕಡಿದವರಿಗೆ ಇನಾಮು ಕೊಡುತ್ತಿದ್ದನೆಂದು ಚರಿತ್ರೆ ಹೇಳುತ್ತದೆ. ಇಷ್ಟು
ಸಂಕ್ಷಿಪ್ತ ಇತಿವೃತ್ತವನ್ನು ಗಮನಿಸಿದರೆ ನಮಗೆ ನ್ಯಾಯಾಲಯದಲ್ಲಿ ನಡೆದ ಅನಾಗರಿಕ ದುಷ್ಕೃತ್ಯದ ಹಿಂದೆ ಸಂಘಟಿತ ಹಿಂಸೆಗೆ ಉನ್ಮತ್ತ ಮತೀಯತೆಯೇ ಕಾರಣವಿದೆ ಎಂಬುದು ಗೊತ್ತಾಗುತ್ತದೆ ಎಂದು ಮುಖಂಡರಾದ ಶ್ರೀನಿವಾಸಯ್ಯರವರು ತಿಳಿಸಿದ್ದಾರೆ. ಈ ಸಂದರ್ಭದಲ್ಲಿ ಛಲವಾದಿ ಮಹಾಸಭಾ ಮುಖಂಡರುಗಳಾದ ರಂಗಯ್ಯ (ರೆಡ್ಡಿ), ಕಿಟ್ಟಿ (ಹೆಗ್ಗೆರೆ), ಚಂದ್ರು, ಸಿದ್ದಲಿಂಗಯ್ಯ (ಗೌಡಿಹಳ್ಳಿ), ಛಲವಾದಿ ಶೇಖರ್, ಗಿರೀಶ್, ಸುರೇಶ್, ಅಪ್ಪಾಜಯ್ಯ, ಶಿವರಾಜ್ (ಅರಿಯೂರು), ಸಂಪತ್ ಸೇರಿದಂತೆ ಇನ್ನಿತರರು ಉಪಸ್ಥಿತರಿದ್ದರು.
ಲೇಖಿಕ ಹಾಗೂ ಹಿಂದುಳಿದ ವರ್ಗಗಳ ಒಕ್ಕೂಟದ ನಿರ್ದೇಶಕರಾದ ಕೆ.ಪಿ.ಲಕ್ಷ್ಮೀಕಾಂತರಾಜೇ ಅರಸ್ ಅವರನ್ನು ತುಮಕೂರು ಹಿಂದುಳಿದ ವರ್ಗಗಳ ಒಕ್ಕೂಟದ ವತಿಯಿಂದ ಸತ್ಕಾರ ಕೂಟದಲ್ಲಿ ಅಭಿನಂದಿಸಲಾಯಿತು. ಒಕ್ಕೂಟದ ಗೌರವಾಧ್ಯಕ್ಷ ಟಿ.ಎನ್.ಮಧುಕರ್, ಅಧ್ಯಕ್ಷರಾದ ಧನಿಯಾ ಕುಮಾರ್, ಗೌರವ ಸಲಹೆಗಾರ ಪಿ.ಮೂರ್ತಿ, ಶಾಂತಕುಮಾರ್, ಮಂಜೇಶ್, ಜಿ.ನಿ.ಪುರುಷೋತ್ತಮ್, ಪದ್ಮನಾಭ್, ನಾಗಮ್ಮ, ರಾಜೇಶ್ ಲಾಡ್, ಗುರುರಾಘವೇಂದ್ರ, ಡಮರುಗೇಶ್, ಪದಾಧಿಕಾರಿಗಳು ಹಾಗೂ ನಿರ್ದೇಶಕರು ಉಪಸ್ಥಿತರಿದ್ದರು.
ತುಮಕೂರು ಜಿಲ್ಲಾ ಬಿಜೆಪಿ ಯುವ ಘಟಕದ ನಿಕಟಪೂರ್ವ ಅಧ್ಯಕ್ಷ ಯಶಸ್ ಅವರು ತಮ್ಮ ಹುಟ್ಟುಹಬ್ಬವನ್ನು ಸೋಮೇಶ್ವರ ದೇವಾಲಯದಲ್ಲಿ ಆಚರಿಸಿಕೊಂಡರು. ಬೆಳ್ಳಾವಿ ಕಾರದ ಮಠದ ಶ್ರೀ ಕಾರದ ವೀರಬಸವ ಸ್ವಾಮಿಗಳು ಹಾಗೂ ಗೊಲ್ಲಹಳ್ಳಿ ಮಠದ ಶ್ರೀ ವಿಭವ ವಿದ್ಯಾಶಂಕರ ಸ್ವಾಮಿಗಳು ಅವರನ್ನು ಆಶೀರ್ವದಿಸಿದರು. ಈ ಸಂದರ್ಭದಲ್ಲಿ ಕೊಪ್ಪಲ್ ನಾಗರಾಜ್, ಹೃದಯ ತಜ್ಞ ಡಾ. ಅಭಿಜ್ಞ, ದರ್ಶನ್, ಟಿ.ಆರ್.ಸದಾಶಿವಯ್ಯ, ಕೋಮಲ ಮುಂತಾದವರಿದ್ದರು.
